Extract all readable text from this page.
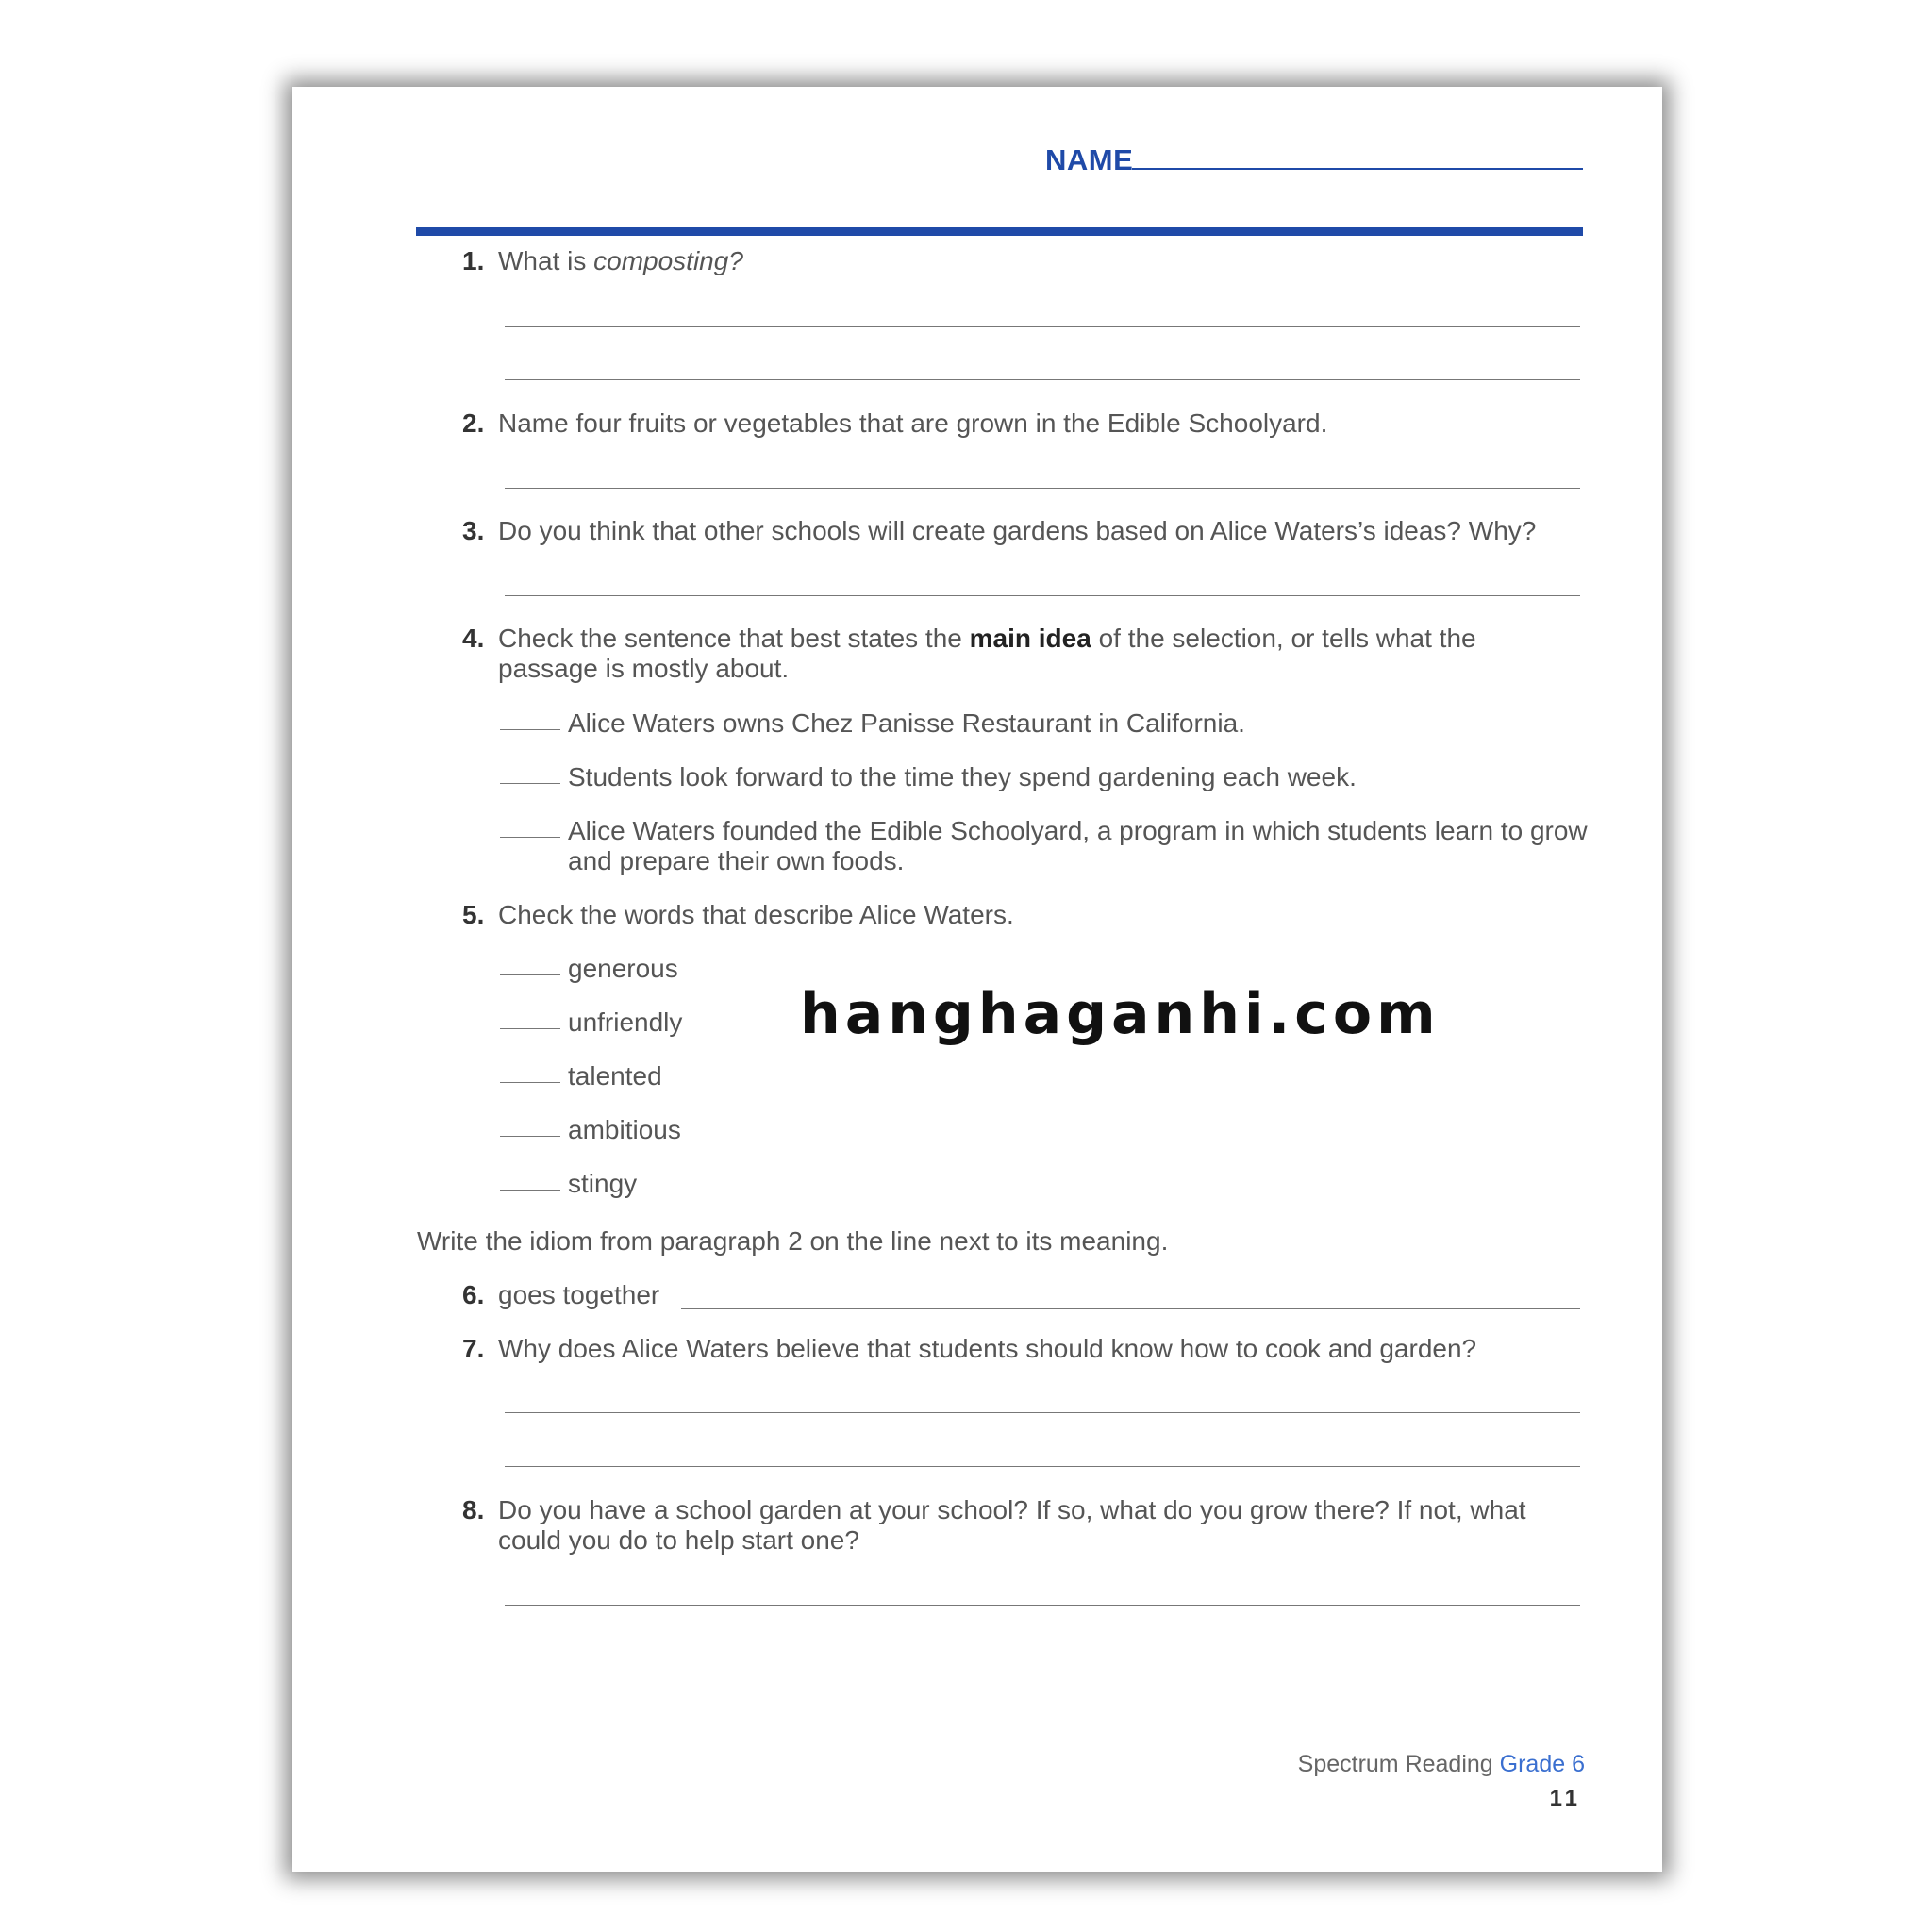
NAME
1. What is composting?
2. Name four fruits or vegetables that are grown in the Edible Schoolyard.
3. Do you think that other schools will create gardens based on Alice Waters’s ideas? Why?
4. Check the sentence that best states the main idea of the selection, or tells what the passage is mostly about.
Alice Waters owns Chez Panisse Restaurant in California.
Students look forward to the time they spend gardening each week.
Alice Waters founded the Edible Schoolyard, a program in which students learn to grow and prepare their own foods.
5. Check the words that describe Alice Waters.
generous
unfriendly
talented
ambitious
stingy
Write the idiom from paragraph 2 on the line next to its meaning.
6. goes together
7. Why does Alice Waters believe that students should know how to cook and garden?
8. Do you have a school garden at your school? If so, what do you grow there? If not, what could you do to help start one?
Spectrum Reading Grade 6
11
hanghaganhi.com
